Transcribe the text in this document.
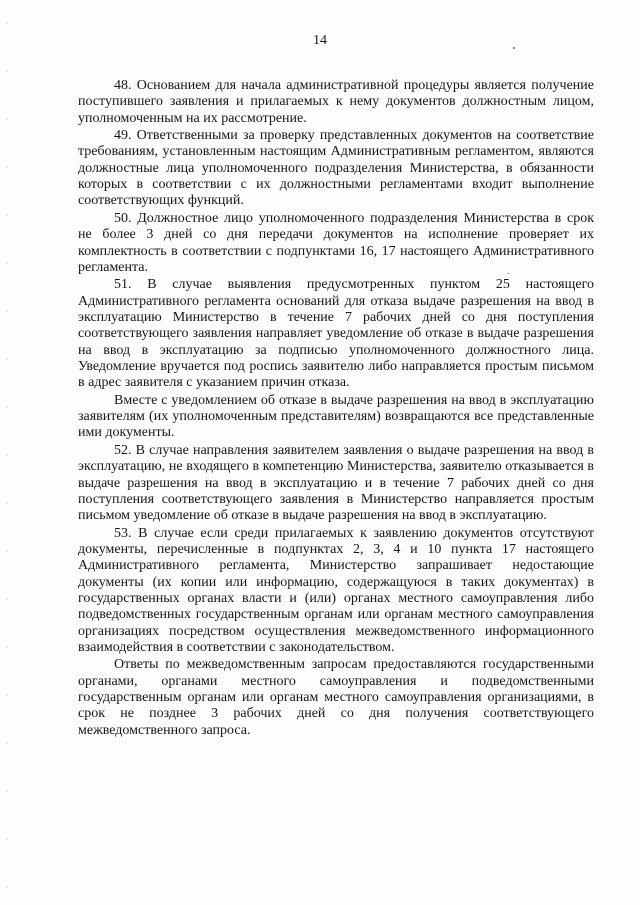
14

48. Основанием для начала административной процедуры является получение поступившего заявления и прилагаемых к нему документов должностным лицом, уполномоченным на их рассмотрение.

49. Ответственными за проверку представленных документов на соответствие требованиям, установленным настоящим Административным регламентом, являются должностные лица уполномоченного подразделения Министерства, в обязанности которых в соответствии с их должностными регламентами входит выполнение соответствующих функций.

50. Должностное лицо уполномоченного подразделения Министерства в срок не более 3 дней со дня передачи документов на исполнение проверяет их комплектность в соответствии с подпунктами 16, 17 настоящего Административного регламента.

51. В случае выявления предусмотренных пунктом 25 настоящего Административного регламента оснований для отказа выдаче разрешения на ввод в эксплуатацию Министерство в течение 7 рабочих дней со дня поступления соответствующего заявления направляет уведомление об отказе в выдаче разрешения на ввод в эксплуатацию за подписью уполномоченного должностного лица. Уведомление вручается под роспись заявителю либо направляется простым письмом в адрес заявителя с указанием причин отказа.

Вместе с уведомлением об отказе в выдаче разрешения на ввод в эксплуатацию заявителям (их уполномоченным представителям) возвращаются все представленные ими документы.

52. В случае направления заявителем заявления о выдаче разрешения на ввод в эксплуатацию, не входящего в компетенцию Министерства, заявителю отказывается в выдаче разрешения на ввод в эксплуатацию и в течение 7 рабочих дней со дня поступления соответствующего заявления в Министерство направляется простым письмом уведомление об отказе в выдаче разрешения на ввод в эксплуатацию.

53. В случае если среди прилагаемых к заявлению документов отсутствуют документы, перечисленные в подпунктах 2, 3, 4 и 10 пункта 17 настоящего Административного регламента, Министерство запрашивает недостающие документы (их копии или информацию, содержащуюся в таких документах) в государственных органах власти и (или) органах местного самоуправления либо подведомственных государственным органам или органам местного самоуправления организациях посредством осуществления межведомственного информационного взаимодействия в соответствии с законодательством.

Ответы по межведомственным запросам предоставляются государственными органами, органами местного самоуправления и подведомственными государственным органам или органам местного самоуправления организациями, в срок не позднее 3 рабочих дней со дня получения соответствующего межведомственного запроса.
